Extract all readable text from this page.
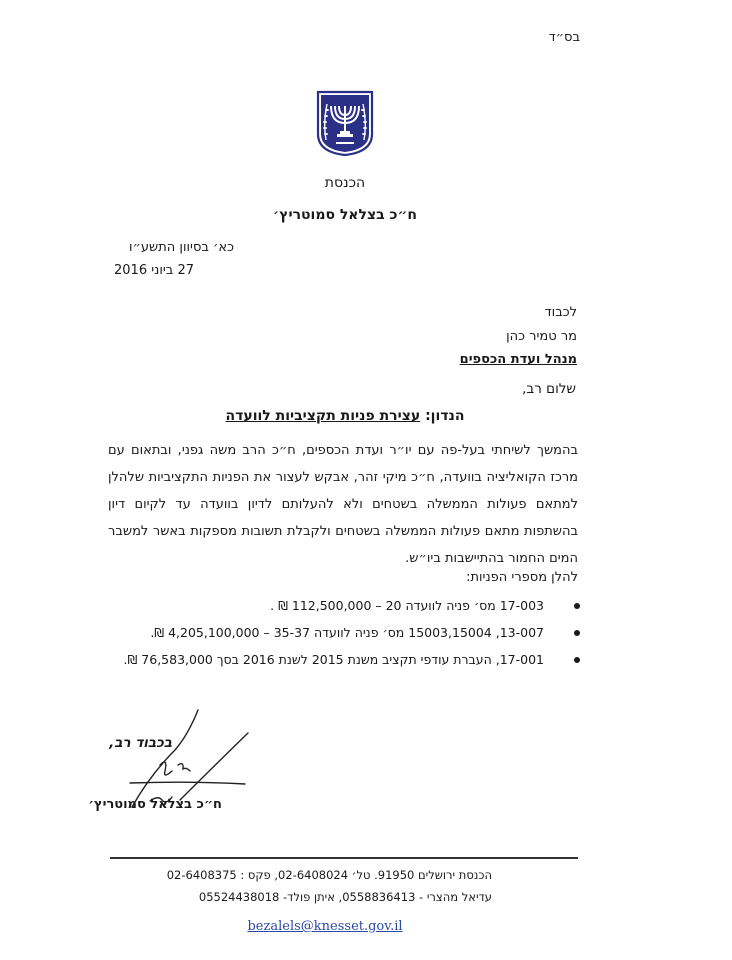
בס״ד
הכנסת
ח״כ בצלאל סמוטריץ׳
כא׳ בסיוון התשע״ו
27 ביוני 2016
לכבוד
מר טמיר כהן
מנהל ועדת הכספים
שלום רב,
הנדון: עצירת פניות תקציביות לוועדה
בהמשך לשיחתי בעל-פה עם יו״ר ועדת הכספים, ח״כ הרב משה גפני, ובתאום עם מרכז הקואליציה בוועדה, ח״כ מיקי זהר, אבקש לעצור את הפניות התקציביות שלהלן למתאם פעולות הממשלה בשטחים ולא להעלותם לדיון בוועדה עד לקיום דיון בהשתפות מתאם פעולות הממשלה בשטחים ולקבלת תשובות מספקות באשר למשבר המים החמור בהתיישבות ביו״ש.
להלן מספרי הפניות:
17-003 מס׳ פניה לוועדה 20 – 112,500,000 ₪ .
13-007, 15003,15004 מס׳ פניה לוועדה 35-37 – 4,205,100,000 ₪.
17-001, העברת עודפי תקציב משנת 2015 לשנת 2016 בסך 76,583,000 ₪.
בכבוד רב,
ח״כ בצלאל סמוטריץ׳
הכנסת ירושלים 91950. טל׳ 02-6408024, פקס : 02-6408375
עדיאל מהצרי - 0558836413, איתן פולד- 05524438018
bezalels@knesset.gov.il
